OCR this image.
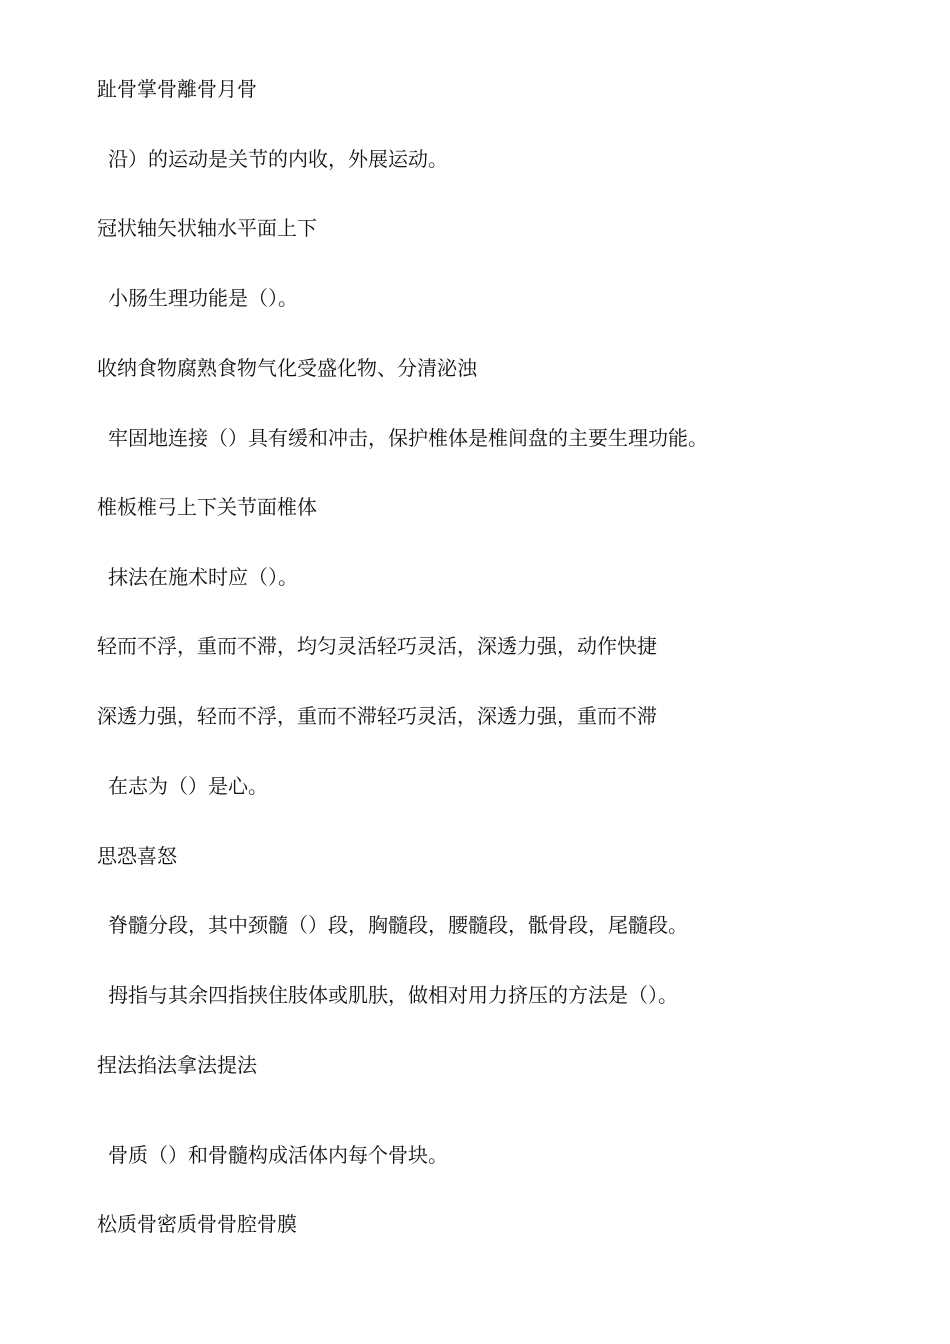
趾骨掌骨離骨月骨
沿）的运动是关节的内收，外展运动。
冠状轴矢状轴水平面上下
小肠生理功能是（）。
收纳食物腐熟食物气化受盛化物、分清泌浊
牢固地连接（）具有缓和冲击，保护椎体是椎间盘的主要生理功能。
椎板椎弓上下关节面椎体
抹法在施术时应（）。
轻而不浮，重而不滞，均匀灵活轻巧灵活，深透力强，动作快捷
深透力强，轻而不浮，重而不滞轻巧灵活，深透力强，重而不滞
在志为（）是心。
思恐喜怒
脊髓分段，其中颈髓（）段，胸髓段，腰髓段，骶骨段，尾髓段。
拇指与其余四指挟住肢体或肌肤，做相对用力挤压的方法是（）。
捏法掐法拿法提法
骨质（）和骨髓构成活体内每个骨块。
松质骨密质骨骨腔骨膜
